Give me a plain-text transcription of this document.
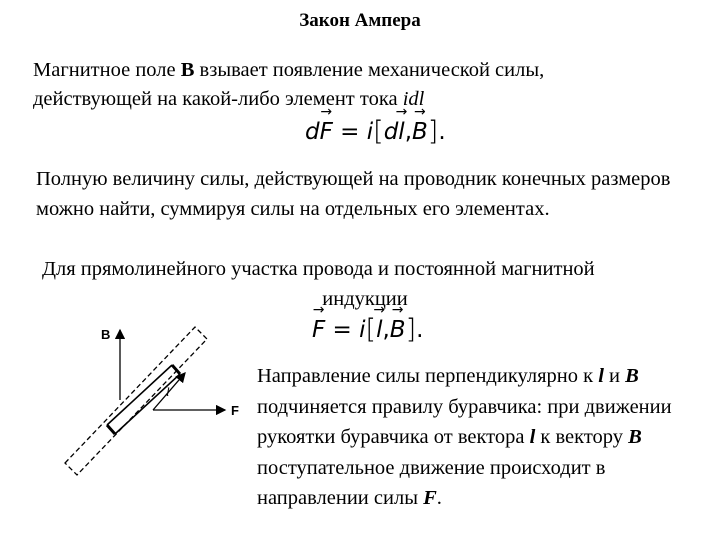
Закон Ампера
Магнитное поле B взывает появление механической силы,
действующей на какой-либо элемент тока idl
d→ F = i[d→ l,→ B].
Полную величину силы, действующей на проводник конечных размеров можно найти, суммируя силы на отдельных его элементах.
Для прямолинейного участка провода и постоянной магнитной
индукции
→ F = i[→ l,→ B].
B
F
l
Направление силы перпендикулярно к l и B подчиняется правилу буравчика: при движении рукоятки буравчика от вектора l к вектору B поступательное движение происходит в направлении силы F.
